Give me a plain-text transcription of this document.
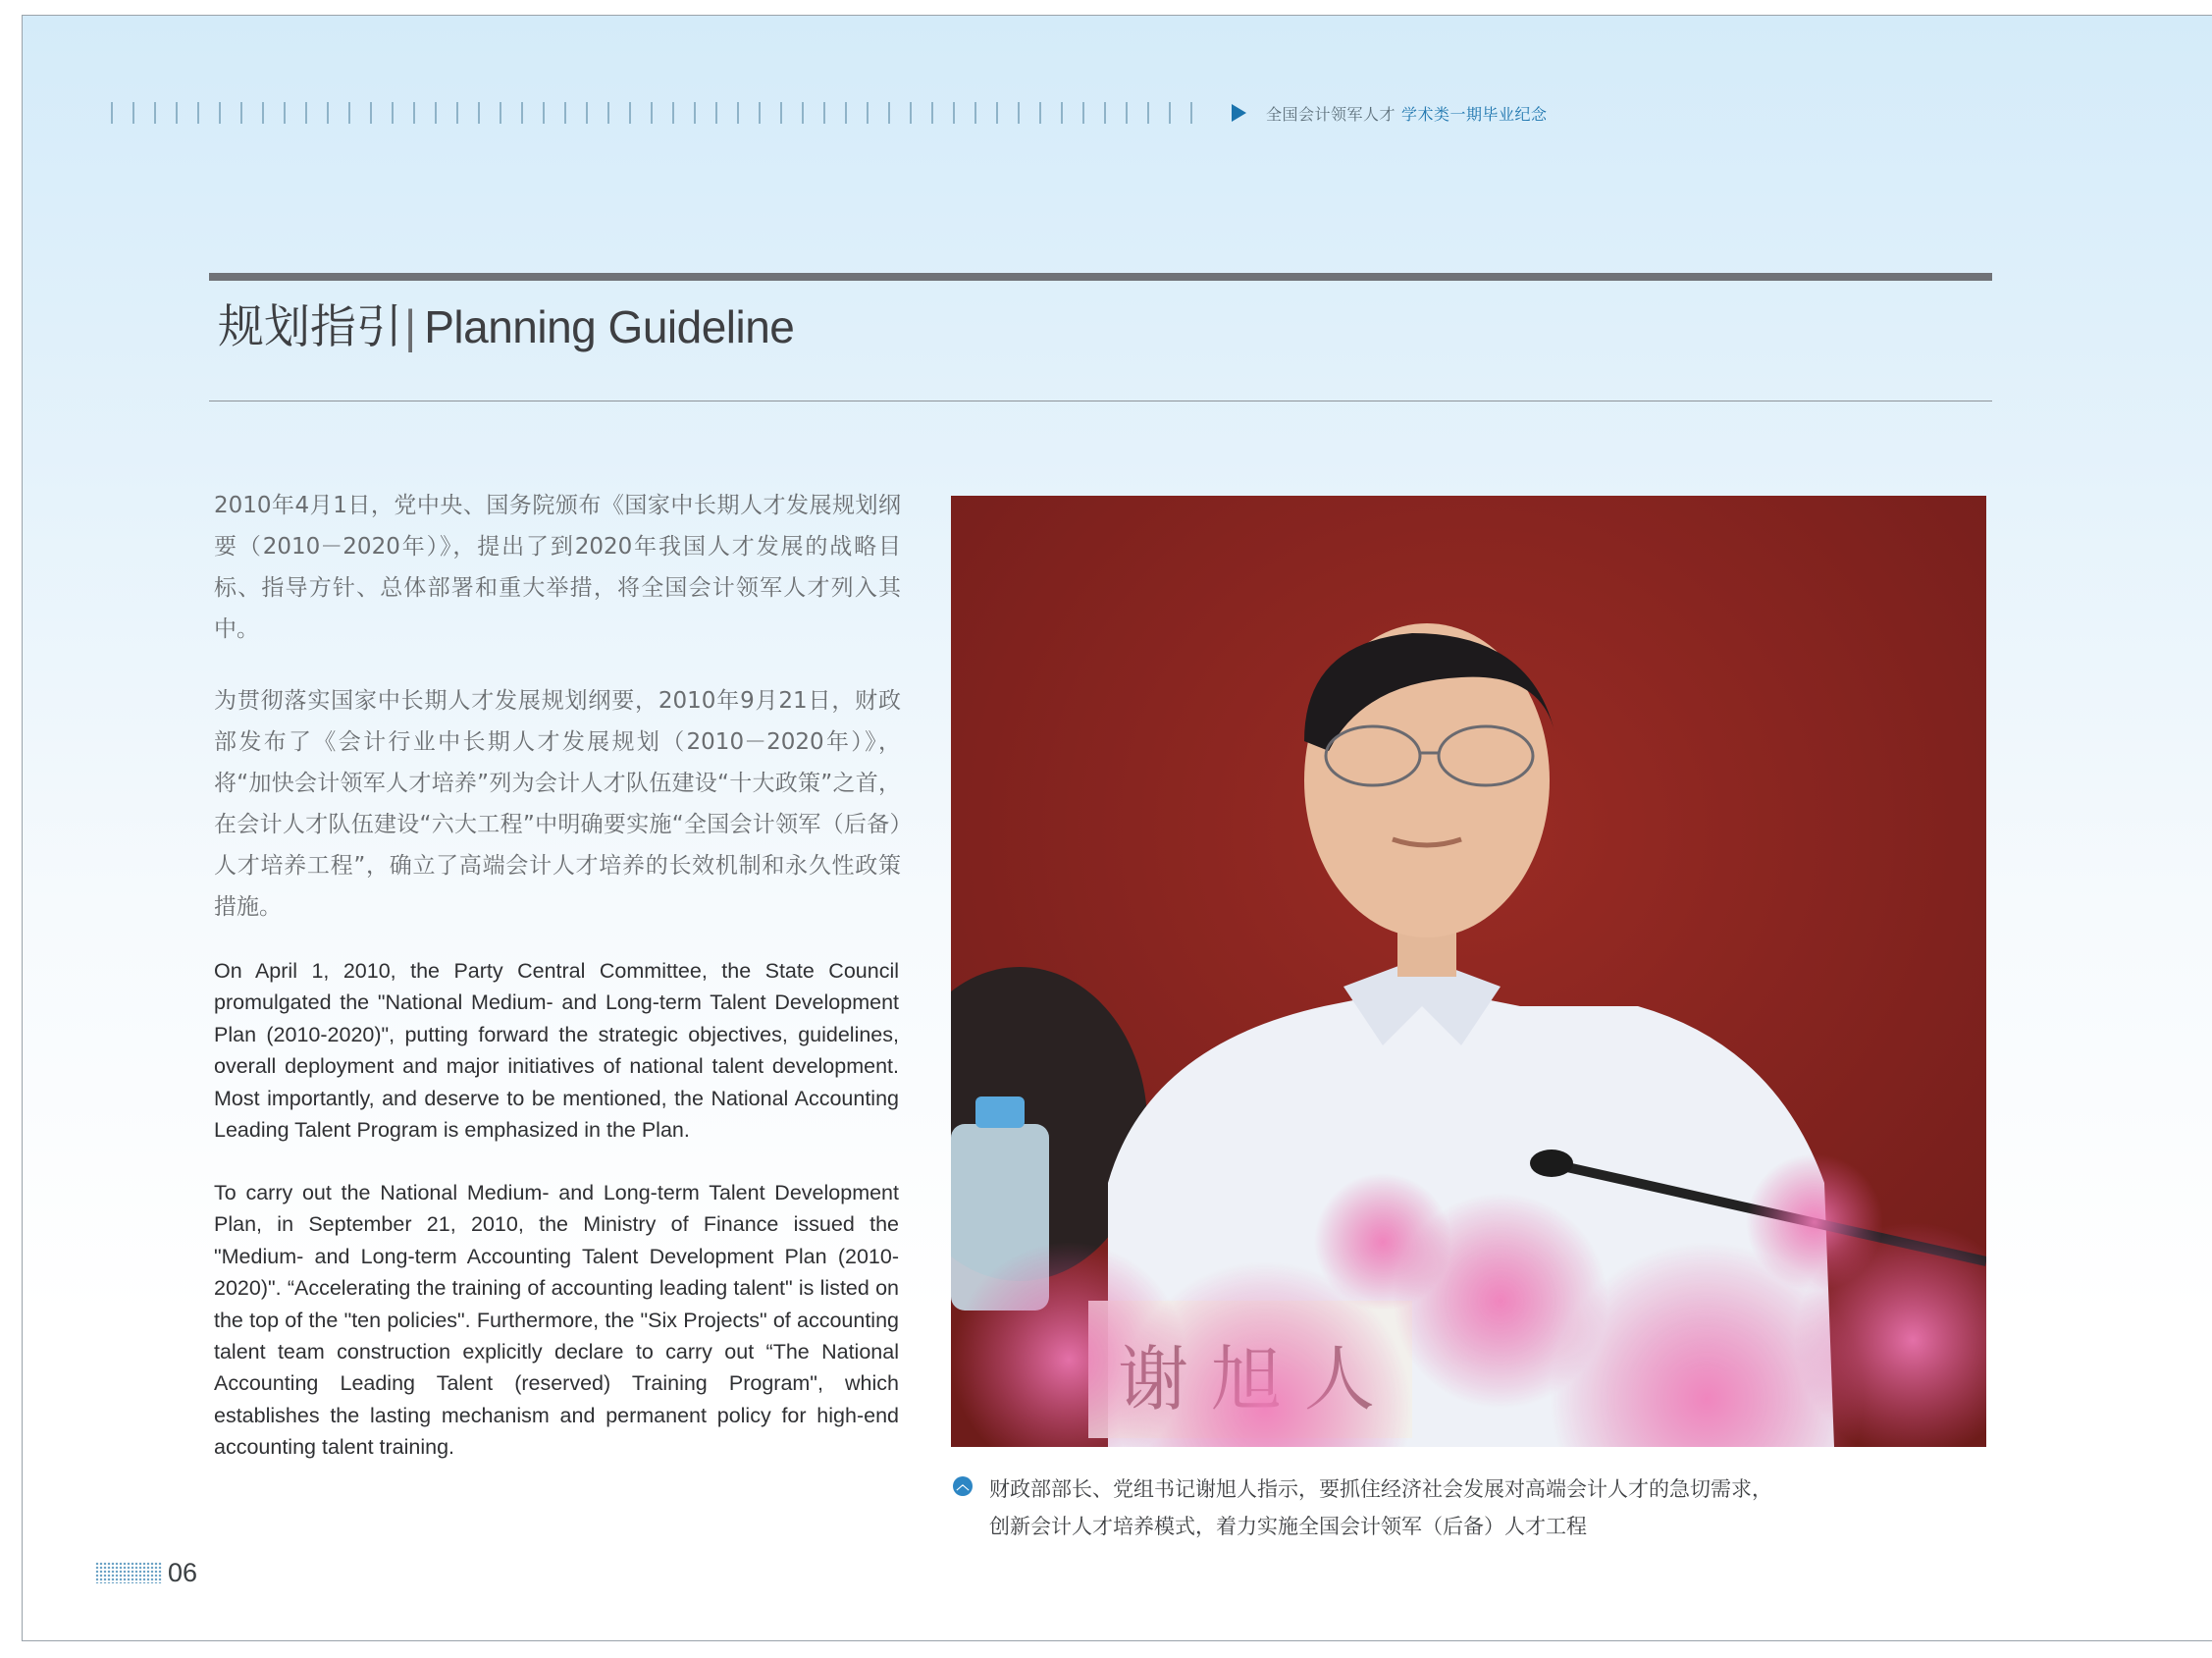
全国会计领军人才 学术类一期毕业纪念
规划指引| Planning Guideline

2010年4月1日，党中央、国务院颁布《国家中长期人才发展规划纲要（2010－2020年）》，提出了到2020年我国人才发展的战略目标、指导方针、总体部署和重大举措，将全国会计领军人才列入其中。

为贯彻落实国家中长期人才发展规划纲要，2010年9月21日，财政部发布了《会计行业中长期人才发展规划（2010－2020年）》，将“加快会计领军人才培养”列为会计人才队伍建设“十大政策”之首，在会计人才队伍建设“六大工程”中明确要实施“全国会计领军（后备）人才培养工程”，确立了高端会计人才培养的长效机制和永久性政策措施。

On April 1, 2010, the Party Central Committee, the State Council promulgated the "National Medium- and Long-term Talent Development Plan (2010-2020)", putting forward the strategic objectives, guidelines, overall deployment and major initiatives of national talent development. Most importantly, and deserve to be mentioned, the National Accounting Leading Talent Program is emphasized in the Plan.

To carry out the National Medium- and Long-term Talent Development Plan, in September 21, 2010, the Ministry of Finance issued the "Medium- and Long-term Accounting Talent Development Plan (2010-2020)". “Accelerating the training of accounting leading talent" is listed on the top of the "ten policies". Furthermore, the "Six Projects" of accounting talent team construction explicitly declare to carry out “The National Accounting Leading Talent (reserved) Training Program", which establishes the lasting mechanism and permanent policy for high-end accounting talent training.

︿ 财政部部长、党组书记谢旭人指示，要抓住经济社会发展对高端会计人才的急切需求，
创新会计人才培养模式，着力实施全国会计领军（后备）人才工程
06
